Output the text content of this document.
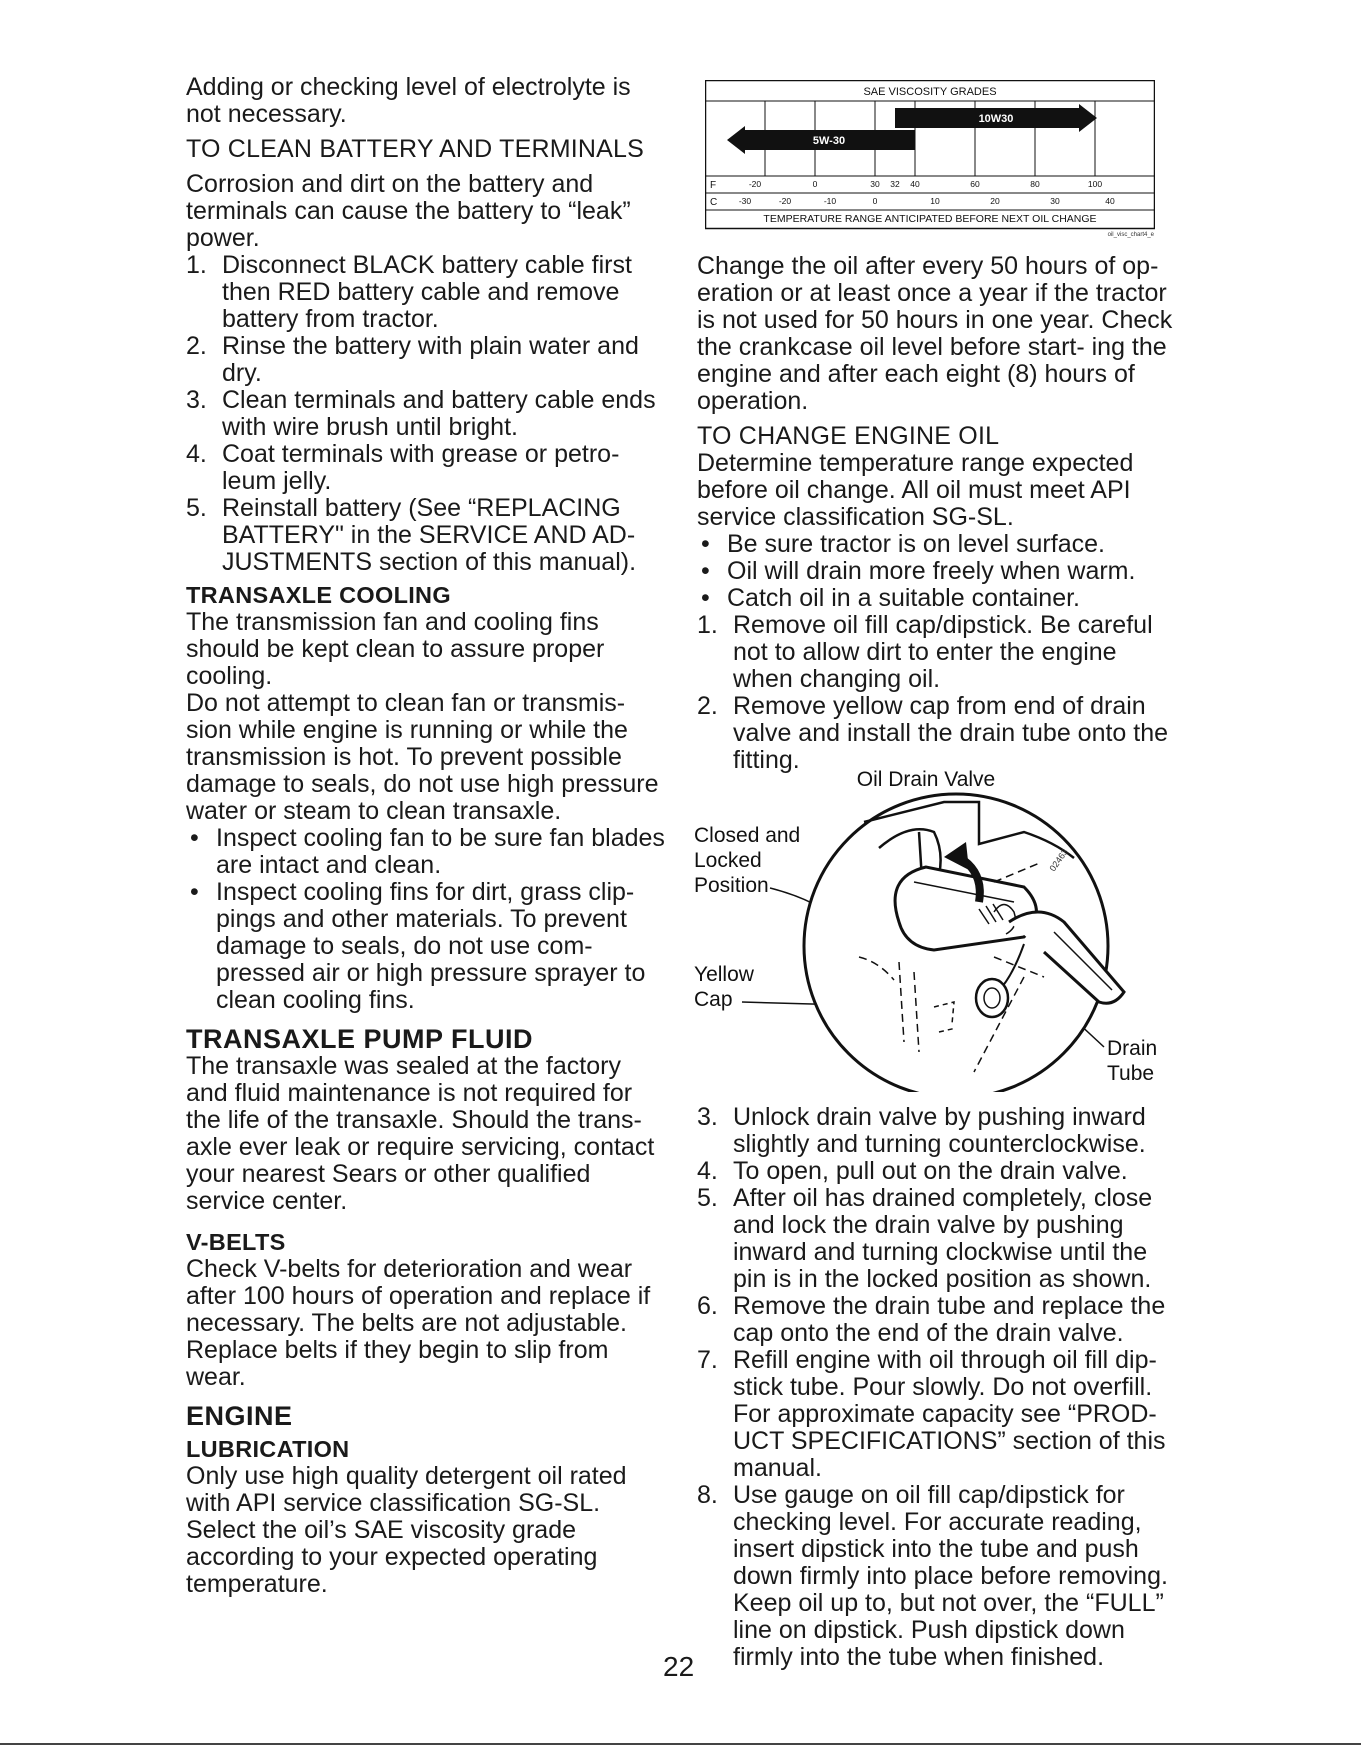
Adding or checking level of electrolyte is not necessary.

TO CLEAN BATTERY AND TERMINALS

Corrosion and dirt on the battery and terminals can cause the battery to “leak” power.

1. Disconnect BLACK battery cable first then RED battery cable and remove battery from tractor.
2. Rinse the battery with plain water and dry.
3. Clean terminals and battery cable ends with wire brush until bright.
4. Coat terminals with grease or petro- leum jelly.
5. Reinstall battery (See “REPLACING BATTERY" in the SERVICE AND AD- JUSTMENTS section of this manual).

TRANSAXLE COOLING

The transmission fan and cooling fins should be kept clean to assure proper cooling.

Do not attempt to clean fan or transmis- sion while engine is running or while the transmission is hot. To prevent possible damage to seals, do not use high pressure water or steam to clean transaxle.

• Inspect cooling fan to be sure fan blades are intact and clean.
• Inspect cooling fins for dirt, grass clip- pings and other materials. To prevent damage to seals, do not use com- pressed air or high pressure sprayer to clean cooling fins.

TRANSAXLE PUMP FLUID

The transaxle was sealed at the factory and fluid maintenance is not required for the life of the transaxle. Should the trans- axle ever leak or require servicing, contact your nearest Sears or other qualified service center.

V-BELTS

Check V-belts for deterioration and wear after 100 hours of operation and replace if necessary. The belts are not adjustable. Replace belts if they begin to slip from wear.

ENGINE

LUBRICATION

Only use high quality detergent oil rated with API service classification SG-SL. Select the oil’s SAE viscosity grade according to your expected operating temperature.

SAE VISCOSITY GRADES
5W-30
10W30
F
C
-20	0	30 32 40	60	80	100
-30	-20	-10	0	10	20	30	40
TEMPERATURE RANGE ANTICIPATED BEFORE NEXT OIL CHANGE
oil_visc_chart4_e

Change the oil after every 50 hours of op- eration or at least once a year if the tractor is not used for 50 hours in one year. Check the crankcase oil level before start- ing the engine and after each eight (8) hours of operation.

TO CHANGE ENGINE OIL

Determine temperature range expected before oil change. All oil must meet API service classification SG-SL.

• Be sure tractor is on level surface.
• Oil will drain more freely when warm.
• Catch oil in a suitable container.
1. Remove oil fill cap/dipstick. Be careful not to allow dirt to enter the engine when changing oil.
2. Remove yellow cap from end of drain valve and install the drain tube onto the fitting.
Oil Drain Valve
Closed and
Locked
Position
Yellow
Cap
Drain
Tube
02463
3. Unlock drain valve by pushing inward slightly and turning counterclockwise.
4. To open, pull out on the drain valve.
5. After oil has drained completely, close and lock the drain valve by pushing inward and turning clockwise until the pin is in the locked position as shown.
6. Remove the drain tube and replace the cap onto the end of the drain valve.
7. Refill engine with oil through oil fill dip- stick tube. Pour slowly. Do not overfill. For approximate capacity see “PROD- UCT SPECIFICATIONS” section of this manual.
8. Use gauge on oil fill cap/dipstick for checking level. For accurate reading, insert dipstick into the tube and push down firmly into place before removing. Keep oil up to, but not over, the “FULL” line on dipstick. Push dipstick down firmly into the tube when finished.
22
